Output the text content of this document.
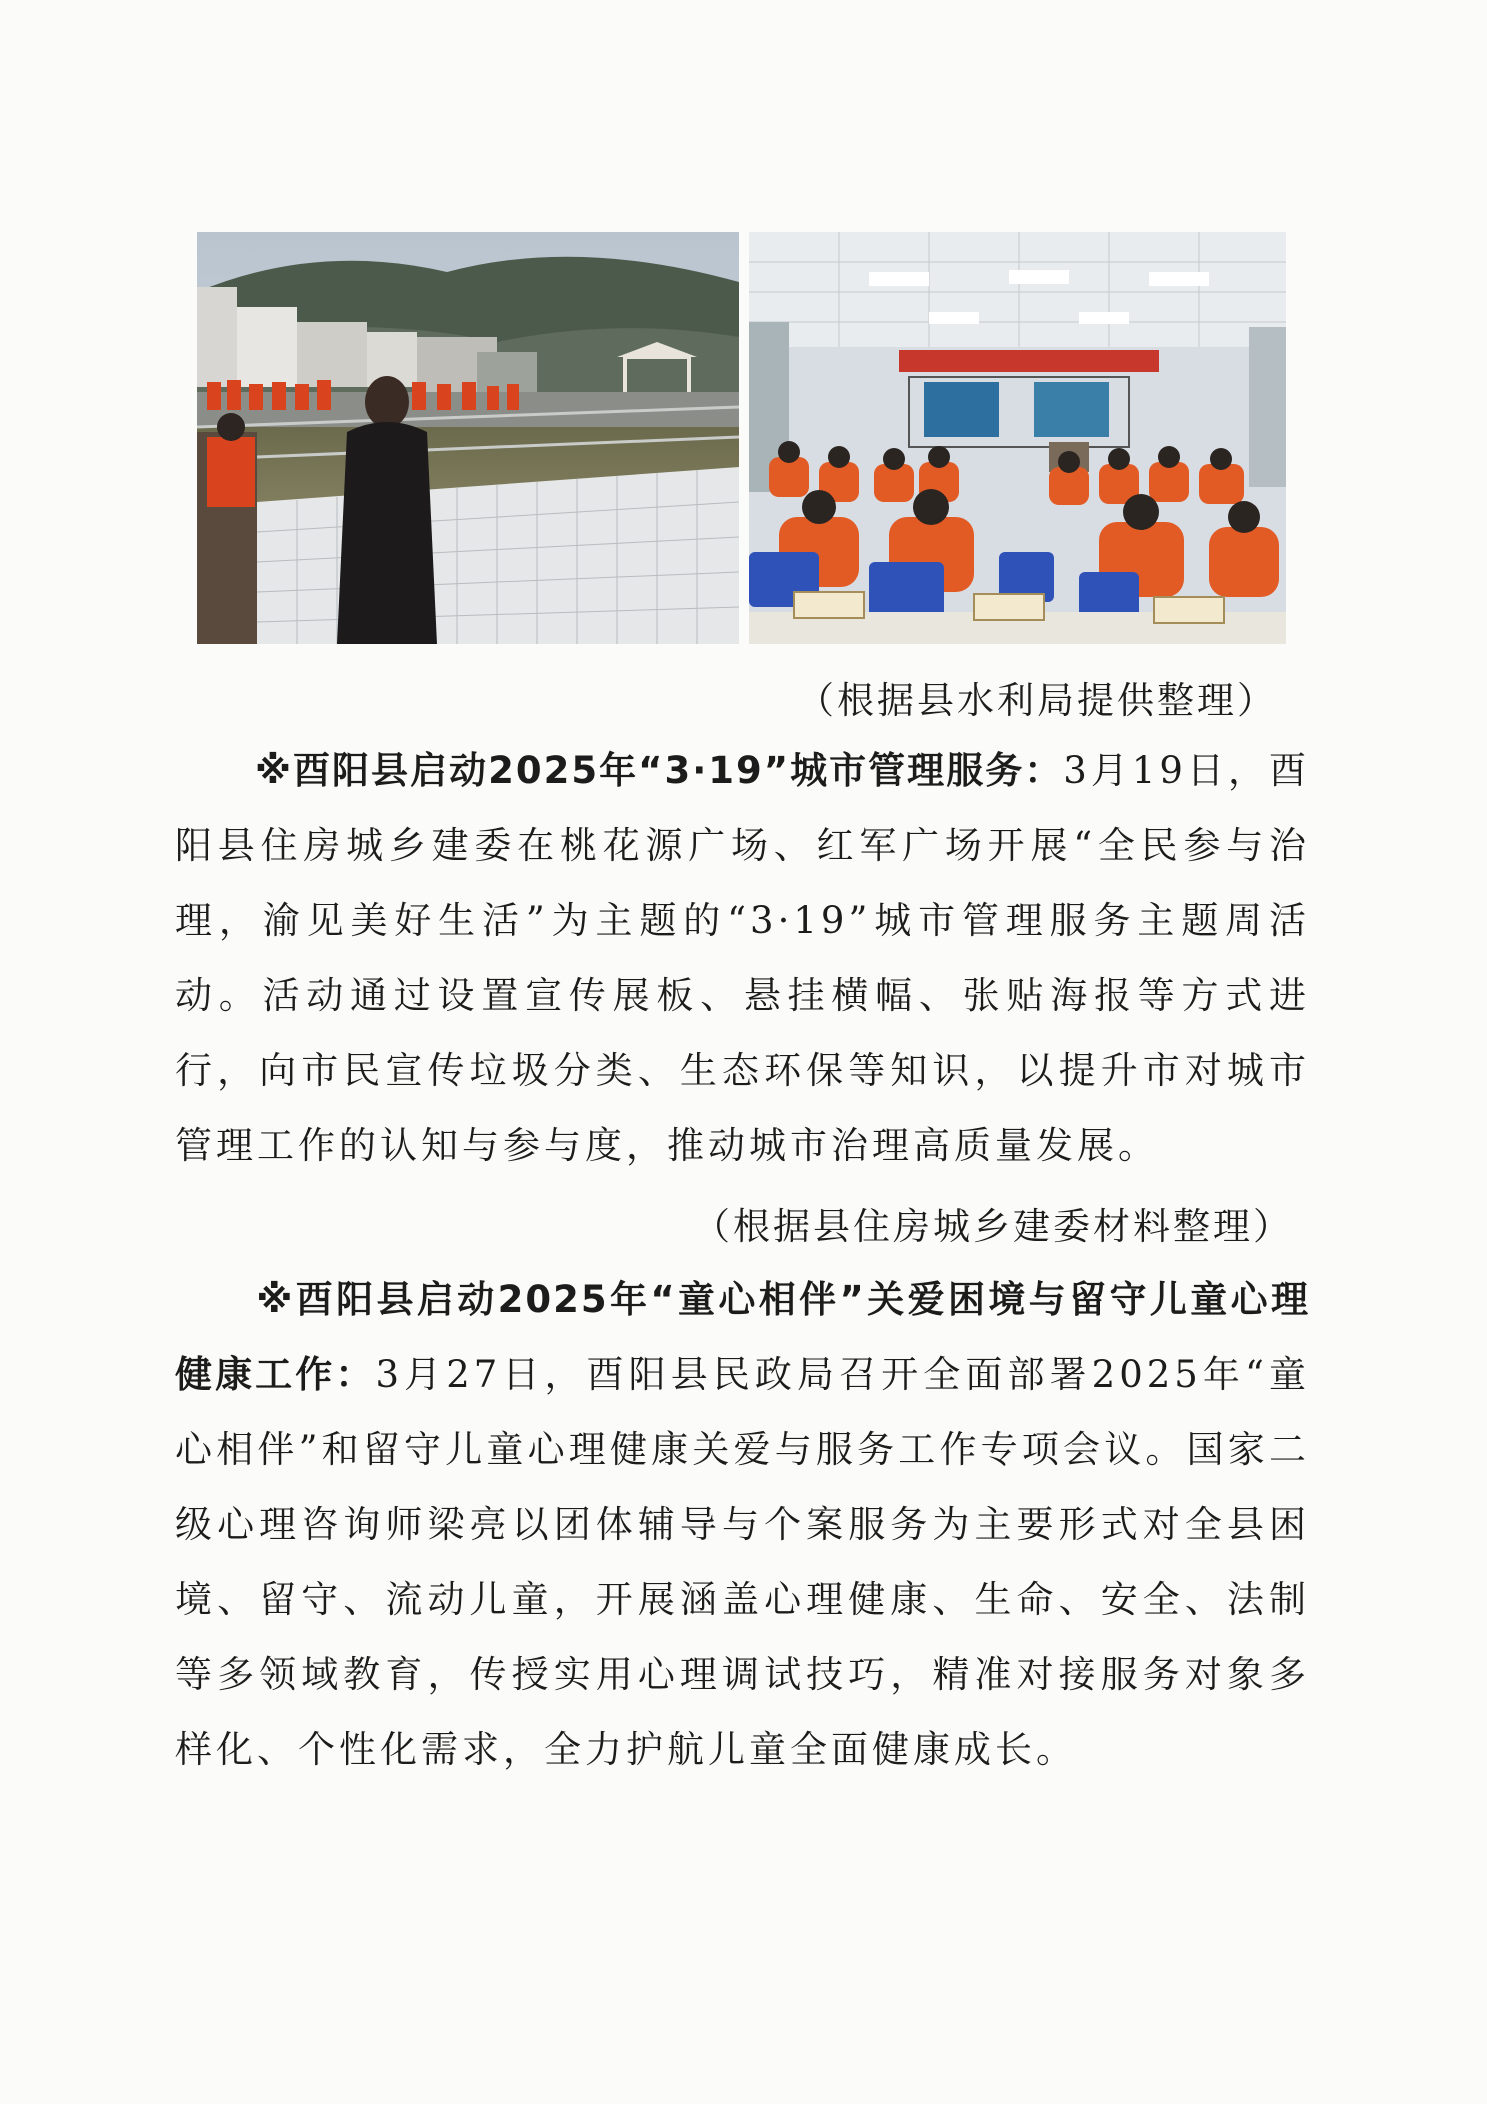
（根据县水利局提供整理）
※酉阳县启动2025年“3·19”城市管理服务：3月19日，酉阳县住房城乡建委在桃花源广场、红军广场开展“全民参与治理，渝见美好生活”为主题的“3·19”城市管理服务主题周活动。活动通过设置宣传展板、悬挂横幅、张贴海报等方式进行，向市民宣传垃圾分类、生态环保等知识，以提升市对城市管理工作的认知与参与度，推动城市治理高质量发展。
（根据县住房城乡建委材料整理）
※酉阳县启动2025年“童心相伴”关爱困境与留守儿童心理健康工作：3月27日，酉阳县民政局召开全面部署2025年“童心相伴”和留守儿童心理健康关爱与服务工作专项会议。国家二级心理咨询师梁亮以团体辅导与个案服务为主要形式对全县困境、留守、流动儿童，开展涵盖心理健康、生命、安全、法制等多领域教育，传授实用心理调试技巧，精准对接服务对象多样化、个性化需求，全力护航儿童全面健康成长。
